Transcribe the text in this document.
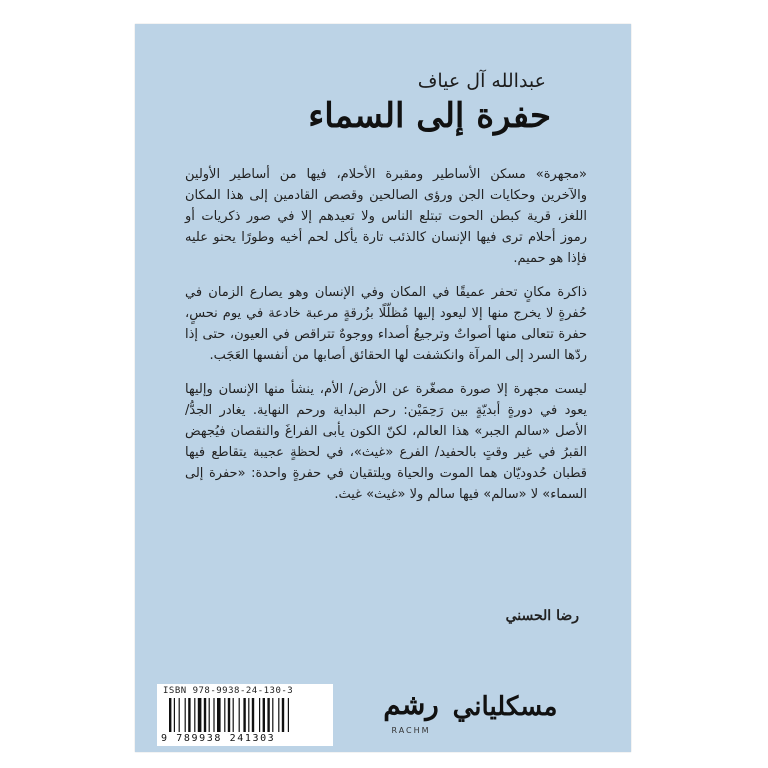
عبدالله آل عياف
حفرة إلى السماء

«مجهرة» مسكن الأساطير ومقبرة الأحلام، فيها من أساطير الأولين والآخرين وحكايات الجن ورؤى الصالحين وقصص القادمين إلى هذا المكان اللغز، قرية كبطن الحوت تبتلع الناس ولا تعيدهم إلا في صور ذكريات أو رموز أحلام ترى فيها الإنسان كالذئب تارة يأكل لحم أخيه وطورًا يحنو عليه فإذا هو حميم.

ذاكرة مكانٍ تحفر عميقًا في المكان وفي الإنسان وهو يصارع الزمان في حُفرةٍ لا يخرج منها إلا ليعود إليها مُظلّلًا بزُرقةٍ مرعبة خادعة في يوم نحسٍ، حفرة تتعالى منها أصواتٌ وترجيعُ أصداء ووجوهٌ تتراقص في العيون، حتى إذا ردّها السرد إلى المرآة وانكشفت لها الحقائق أصابها من أنفسها العَجَب.

ليست مجهرة إلا صورة مصغّرة عن الأرض/ الأم، ينشأ منها الإنسان وإليها يعود في دورةٍ أبديّةٍ بين رَحِمَيْن: رحم البداية ورحم النهاية. يغادر الجدُّ/ الأصل «سالم الجبر» هذا العالم، لكنّ الكون يأبى الفراغَ والنقصان فيُجهض القبرُ في غير وقتٍ بالحفيد/ الفرع «غيث»، في لحظةٍ عجيبة يتقاطع فيها قطبان حُدوديّان هما الموت والحياة ويلتقيان في حفرةٍ واحدة: «حفرة إلى السماء» لا «سالم» فيها سالم ولا «غيث» غيث.

رضا الحسني
ISBN 978-9938-24-130-3
9 789938 241303
رشم
RACHM
مسكلياني
